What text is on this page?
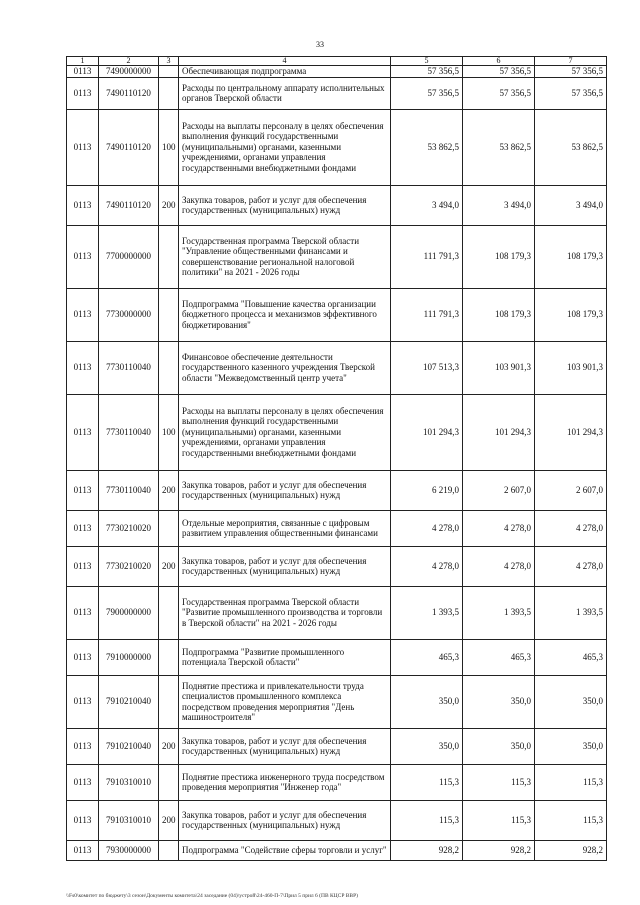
33
1	2	3	4	5	6	7
0113	7490000000		Обеспечивающая подпрограмма	57 356,5	57 356,5	57 356,5
0113	7490110120		Расходы по центральному аппарату исполнительных органов Тверской области	57 356,5	57 356,5	57 356,5
0113	7490110120	100	Расходы на выплаты персоналу в целях обеспечения выполнения функций государственными (муниципальными) органами, казенными учреждениями, органами управления государственными внебюджетными фондами	53 862,5	53 862,5	53 862,5
0113	7490110120	200	Закупка товаров, работ и услуг для обеспечения государственных (муниципальных) нужд	3 494,0	3 494,0	3 494,0
0113	7700000000		Государственная программа Тверской области "Управление общественными финансами и совершенствование региональной налоговой политики" на 2021 - 2026 годы	111 791,3	108 179,3	108 179,3
0113	7730000000		Подпрограмма "Повышение качества организации бюджетного процесса и механизмов эффективного бюджетирования"	111 791,3	108 179,3	108 179,3
0113	7730110040		Финансовое обеспечение деятельности государственного казенного учреждения Тверской области "Межведомственный центр учета"	107 513,3	103 901,3	103 901,3
0113	7730110040	100	Расходы на выплаты персоналу в целях обеспечения выполнения функций государственными (муниципальными) органами, казенными учреждениями, органами управления государственными внебюджетными фондами	101 294,3	101 294,3	101 294,3
0113	7730110040	200	Закупка товаров, работ и услуг для обеспечения государственных (муниципальных) нужд	6 219,0	2 607,0	2 607,0
0113	7730210020		Отдельные мероприятия, связанные с цифровым развитием управления общественными финансами	4 278,0	4 278,0	4 278,0
0113	7730210020	200	Закупка товаров, работ и услуг для обеспечения государственных (муниципальных) нужд	4 278,0	4 278,0	4 278,0
0113	7900000000		Государственная программа Тверской области "Развитие промышленного производства и торговли в Тверской области" на 2021 - 2026 годы	1 393,5	1 393,5	1 393,5
0113	7910000000		Подпрограмма "Развитие промышленного потенциала Тверской области"	465,3	465,3	465,3
0113	7910210040		Поднятие престижа и привлекательности труда специалистов промышленного комплекса посредством проведения мероприятия "День машиностроителя"	350,0	350,0	350,0
0113	7910210040	200	Закупка товаров, работ и услуг для обеспечения государственных (муниципальных) нужд	350,0	350,0	350,0
0113	7910310010		Поднятие престижа инженерного труда посредством проведения мероприятия "Инженер года"	115,3	115,3	115,3
0113	7910310010	200	Закупка товаров, работ и услуг для обеспечения государственных (муниципальных) нужд	115,3	115,3	115,3
0113	7930000000		Подпрограмма "Содействие сферы торговли и услуг"	928,2	928,2	928,2
\\Fs0\комитет по бюджету\3 сезон\Документы комитета\24 заседание (04)\устрой\24-460-П-7\Прил 5 прил 6 (ПВ КЦСР ВВР)
